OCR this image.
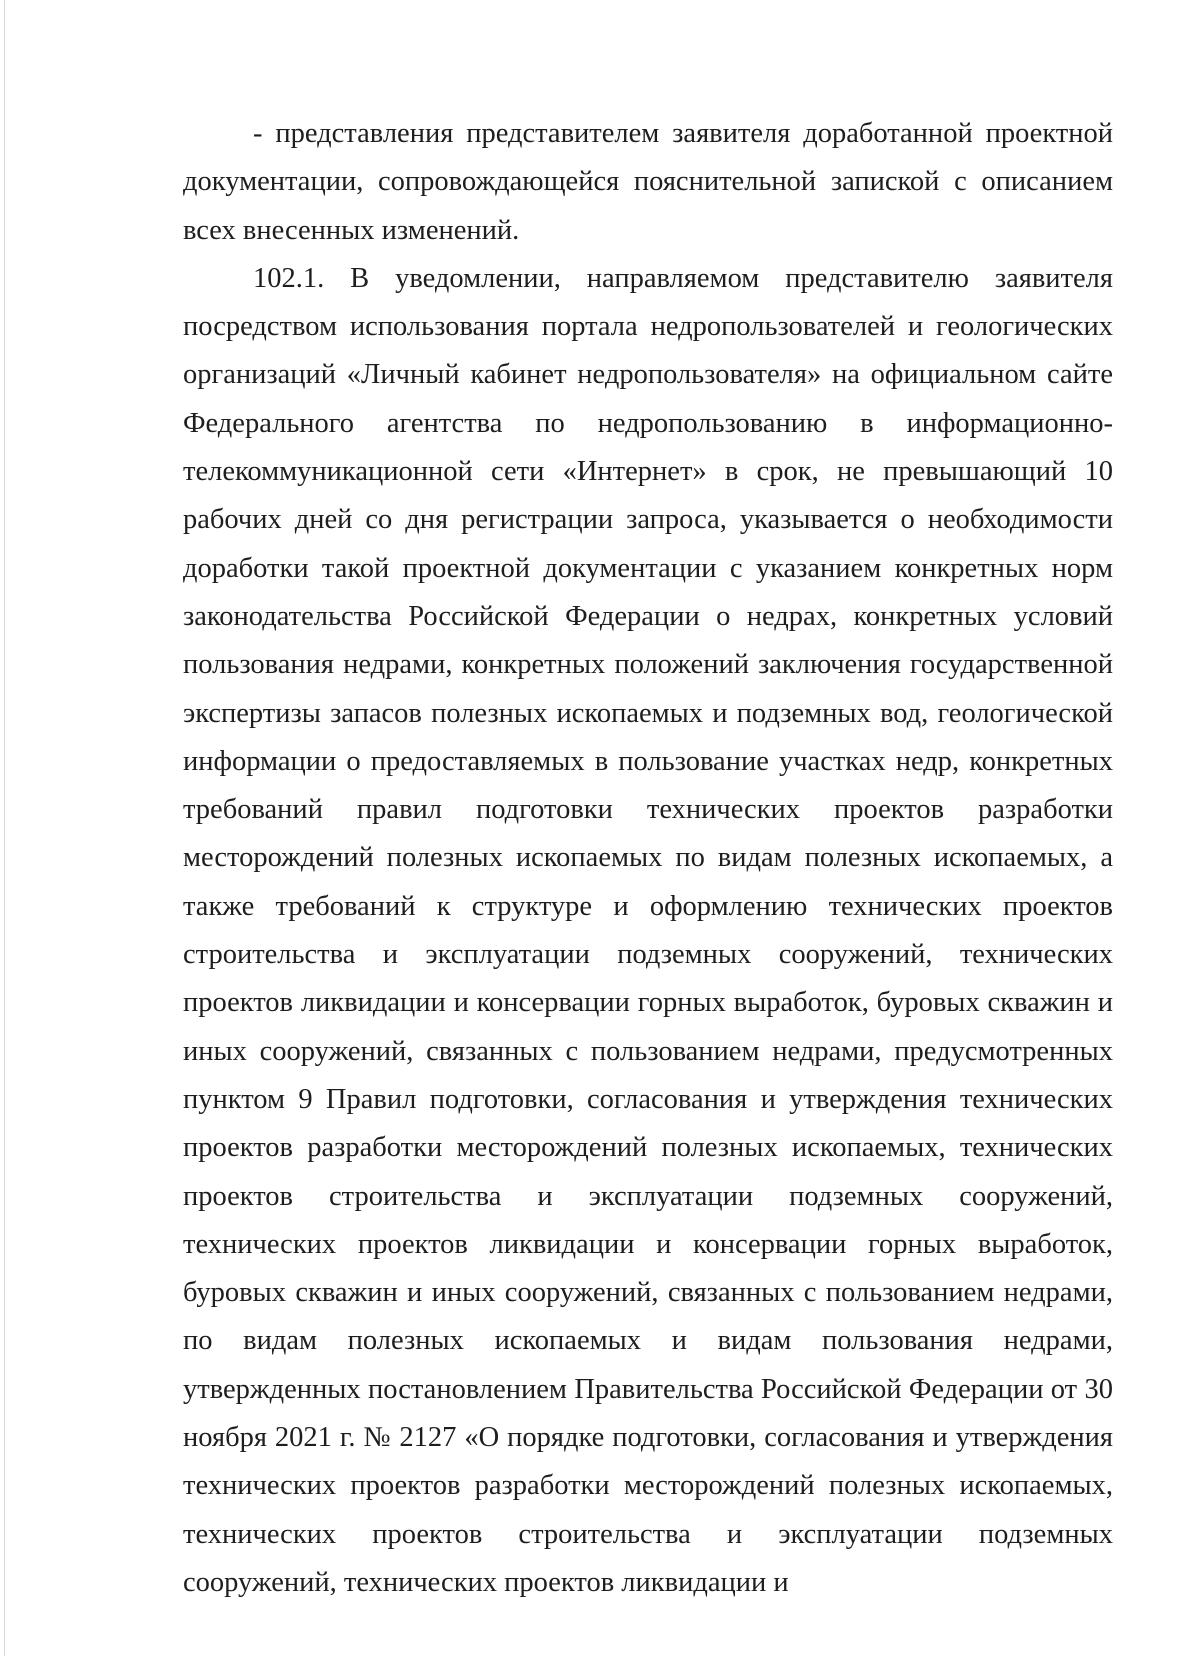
- представления представителем заявителя доработанной проектной документации, сопровождающейся пояснительной запиской с описанием всех внесенных изменений.

102.1. В уведомлении, направляемом представителю заявителя посредством использования портала недропользователей и геологических организаций «Личный кабинет недропользователя» на официальном сайте Федерального агентства по недропользованию в информационно-телекоммуникационной сети «Интернет» в срок, не превышающий 10 рабочих дней со дня регистрации запроса, указывается о необходимости доработки такой проектной документации с указанием конкретных норм законодательства Российской Федерации о недрах, конкретных условий пользования недрами, конкретных положений заключения государственной экспертизы запасов полезных ископаемых и подземных вод, геологической информации о предоставляемых в пользование участках недр, конкретных требований правил подготовки технических проектов разработки месторождений полезных ископаемых по видам полезных ископаемых, а также требований к структуре и оформлению технических проектов строительства и эксплуатации подземных сооружений, технических проектов ликвидации и консервации горных выработок, буровых скважин и иных сооружений, связанных с пользованием недрами, предусмотренных пунктом 9 Правил подготовки, согласования и утверждения технических проектов разработки месторождений полезных ископаемых, технических проектов строительства и эксплуатации подземных сооружений, технических проектов ликвидации и консервации горных выработок, буровых скважин и иных сооружений, связанных с пользованием недрами, по видам полезных ископаемых и видам пользования недрами, утвержденных постановлением Правительства Российской Федерации от 30 ноября 2021 г. № 2127 «О порядке подготовки, согласования и утверждения технических проектов разработки месторождений полезных ископаемых, технических проектов строительства и эксплуатации подземных сооружений, технических проектов ликвидации и
